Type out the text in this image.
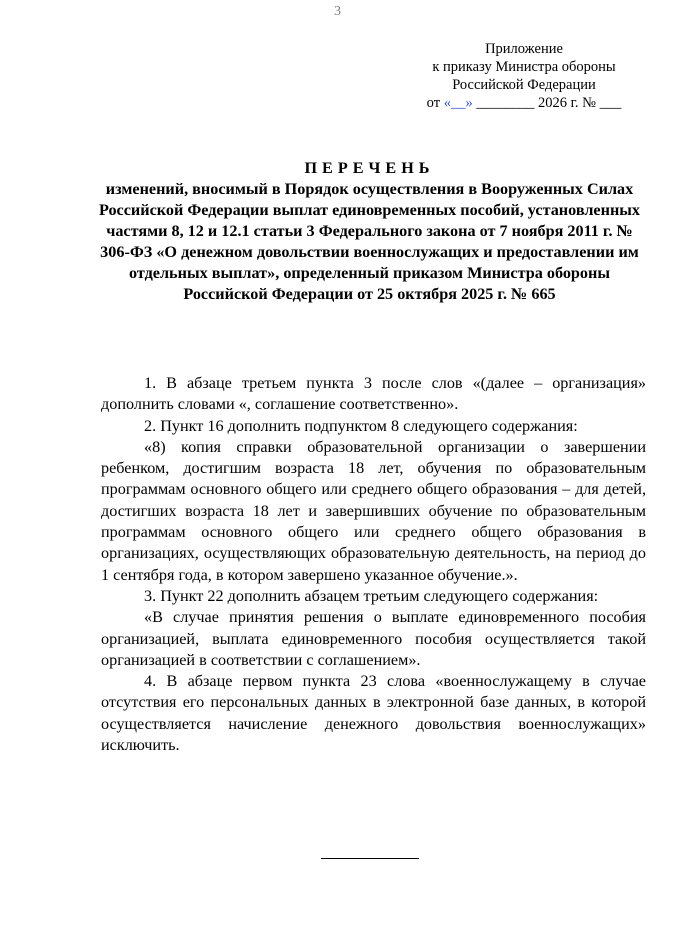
3
Приложение
к приказу Министра обороны
Российской Федерации
от «__» ________ 2026 г. № ___
ПЕРЕЧЕНЬ
изменений, вносимый в Порядок осуществления в Вооруженных Силах Российской Федерации выплат единовременных пособий, установленных частями 8, 12 и 12.1 статьи 3 Федерального закона от 7 ноября 2011 г. № 306-ФЗ «О денежном довольствии военнослужащих и предоставлении им отдельных выплат», определенный приказом Министра обороны Российской Федерации от 25 октября 2025 г. № 665

1. В абзаце третьем пункта 3 после слов «(далее – организация» дополнить словами «, соглашение соответственно».

2. Пункт 16 дополнить подпунктом 8 следующего содержания:

«8) копия справки образовательной организации о завершении ребенком, достигшим возраста 18 лет, обучения по образовательным программам основного общего или среднего общего образования – для детей, достигших возраста 18 лет и завершивших обучение по образовательным программам основного общего или среднего общего образования в организациях, осуществляющих образовательную деятельность, на период до 1 сентября года, в котором завершено указанное обучение.».

3. Пункт 22 дополнить абзацем третьим следующего содержания:

«В случае принятия решения о выплате единовременного пособия организацией, выплата единовременного пособия осуществляется такой организацией в соответствии с соглашением».

4. В абзаце первом пункта 23 слова «военнослужащему в случае отсутствия его персональных данных в электронной базе данных, в которой осуществляется начисление денежного довольствия военнослужащих» исключить.
